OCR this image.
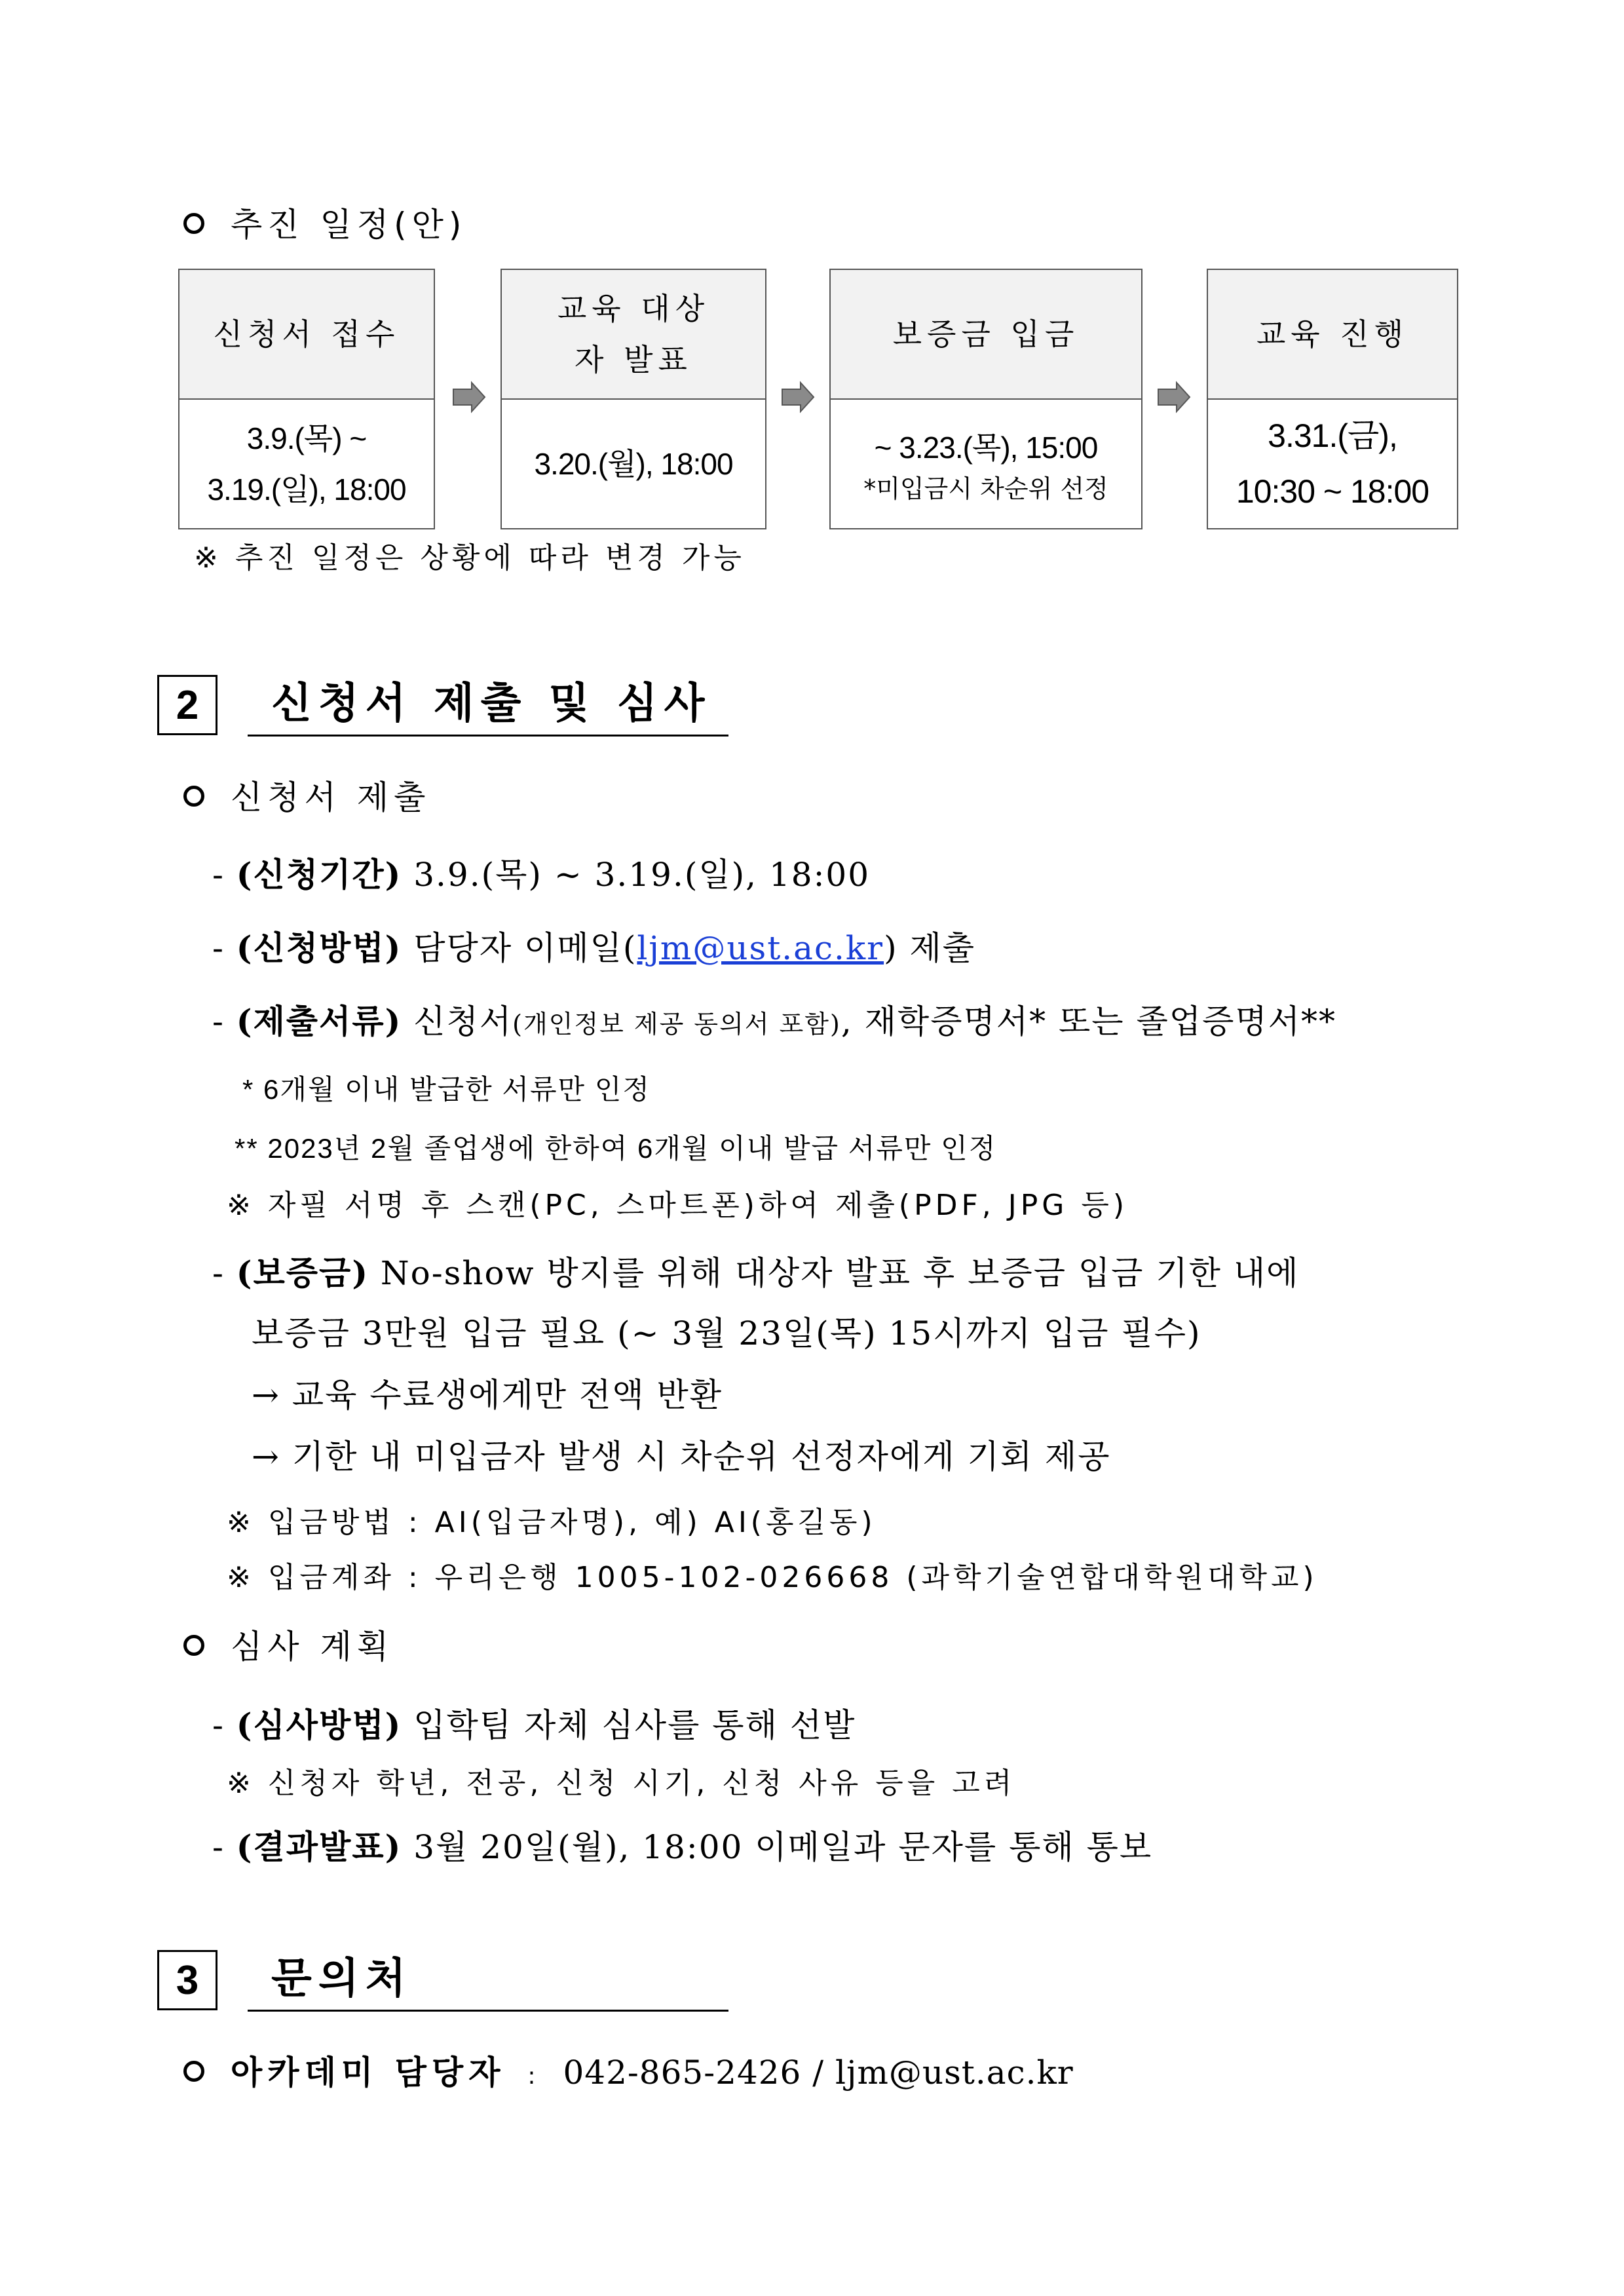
추진 일정(안)
신청서 접수
3.9.(목) ~
3.19.(일), 18:00
교육 대상자 발표
3.20.(월), 18:00
보증금 입금
~ 3.23.(목), 15:00
*미입금시 차순위 선정
교육 진행
3.31.(금),
10:30 ~ 18:00
※ 추진 일정은 상황에 따라 변경 가능
2	신청서 제출 및 심사
신청서 제출
- (신청기간) 3.9.(목) ~ 3.19.(일), 18:00
- (신청방법) 담당자 이메일(ljm@ust.ac.kr) 제출
- (제출서류) 신청서(개인정보 제공 동의서 포함), 재학증명서* 또는 졸업증명서**
* 6개월 이내 발급한 서류만 인정
** 2023년 2월 졸업생에 한하여 6개월 이내 발급 서류만 인정
※ 자필 서명 후 스캔(PC, 스마트폰)하여 제출(PDF, JPG 등)
- (보증금) No-show 방지를 위해 대상자 발표 후 보증금 입금 기한 내에
보증금 3만원 입금 필요 (~ 3월 23일(목) 15시까지 입금 필수)
→ 교육 수료생에게만 전액 반환
→ 기한 내 미입금자 발생 시 차순위 선정자에게 기회 제공
※ 입금방법 : AI(입금자명), 예) AI(홍길동)
※ 입금계좌 : 우리은행 1005-102-026668 (과학기술연합대학원대학교)
심사 계획
- (심사방법) 입학팀 자체 심사를 통해 선발
※ 신청자 학년, 전공, 신청 시기, 신청 사유 등을 고려
- (결과발표) 3월 20일(월), 18:00 이메일과 문자를 통해 통보
3	문의처
아카데미 담당자 : 042-865-2426 / ljm@ust.ac.kr
